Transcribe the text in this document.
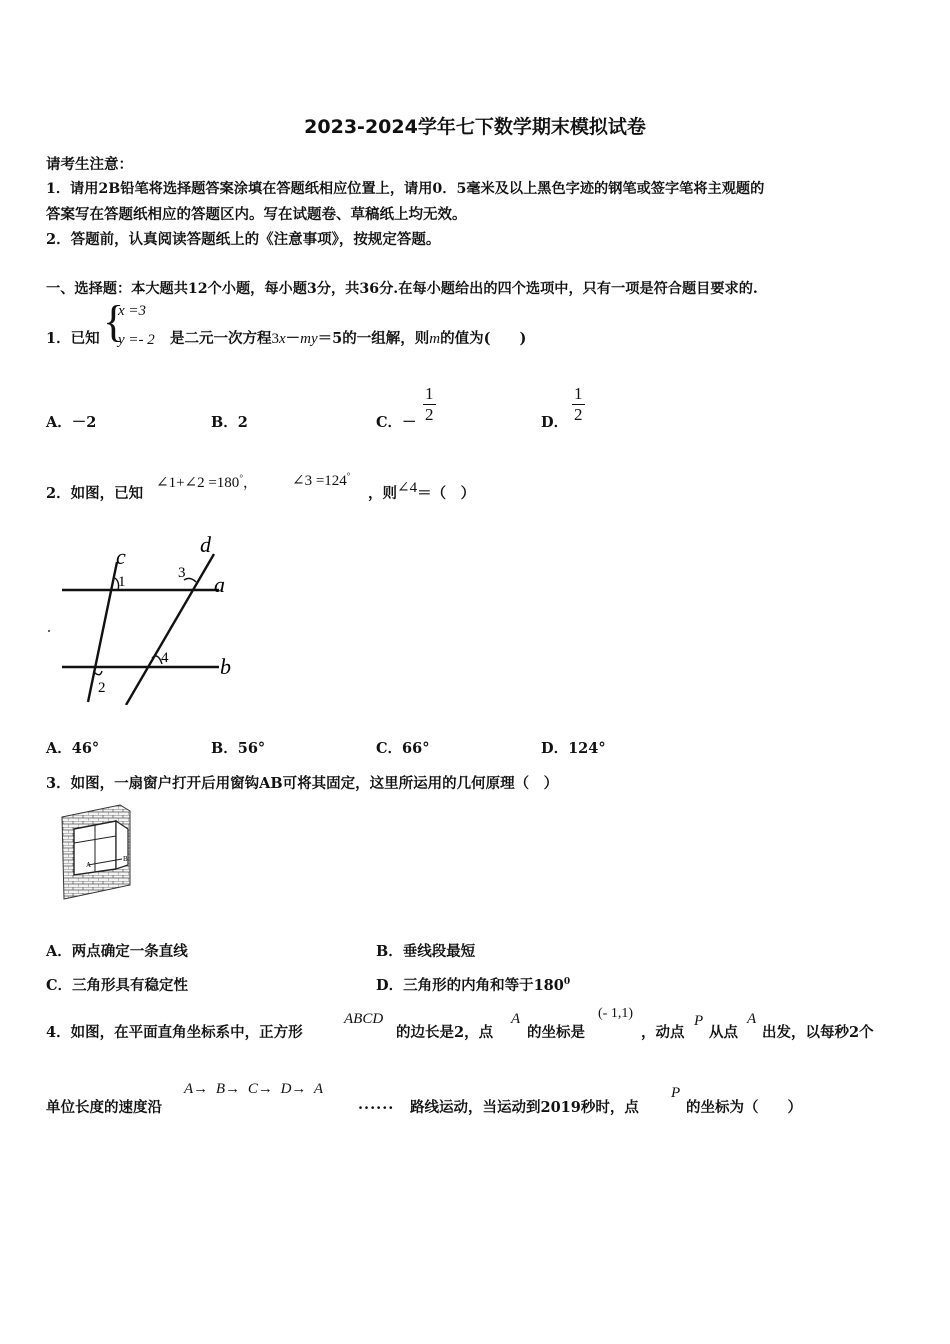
2023-2024学年七下数学期末模拟试卷
请考生注意：
1．请用2B铅笔将选择题答案涂填在答题纸相应位置上，请用0．5毫米及以上黑色字迹的钢笔或签字笔将主观题的
答案写在答题纸相应的答题区内。写在试题卷、草稿纸上均无效。
2．答题前，认真阅读答题纸上的《注意事项》，按规定答题。
一、选择题：本大题共12个小题，每小题3分，共36分.在每小题给出的四个选项中，只有一项是符合题目要求的.
1．已知 {
x =3
y =- 2 是二元一次方程3x－my＝5的一组解，则m的值为(　　)
A．－2	B．2	C．－ $\frac{1}{2}$	D． $\frac{1}{2}$
2．如图，已知
∠1+∠2 =180°， ∠3 =124°
，则∠4＝（　）
c	d
a
b
1
2
3
4
A．46°	B．56°	C．66°	D．124°
3．如图，一扇窗户打开后用窗钩AB可将其固定，这里所运用的几何原理（　）
A
B
A．两点确定一条直线	B．垂线段最短
C．三角形具有稳定性	D．三角形的内角和等于$180^0$
4．如图，在平面直角坐标系中，正方形
ABCD
的边长是2，点
A
的坐标是
(- 1,1)
，动点
P
从点
A
出发，以每秒2个
单位长度的速度沿
A→ B→ C→ D→ A
...... 路线运动，当运动到2019秒时，点
P
的坐标为（　　）
